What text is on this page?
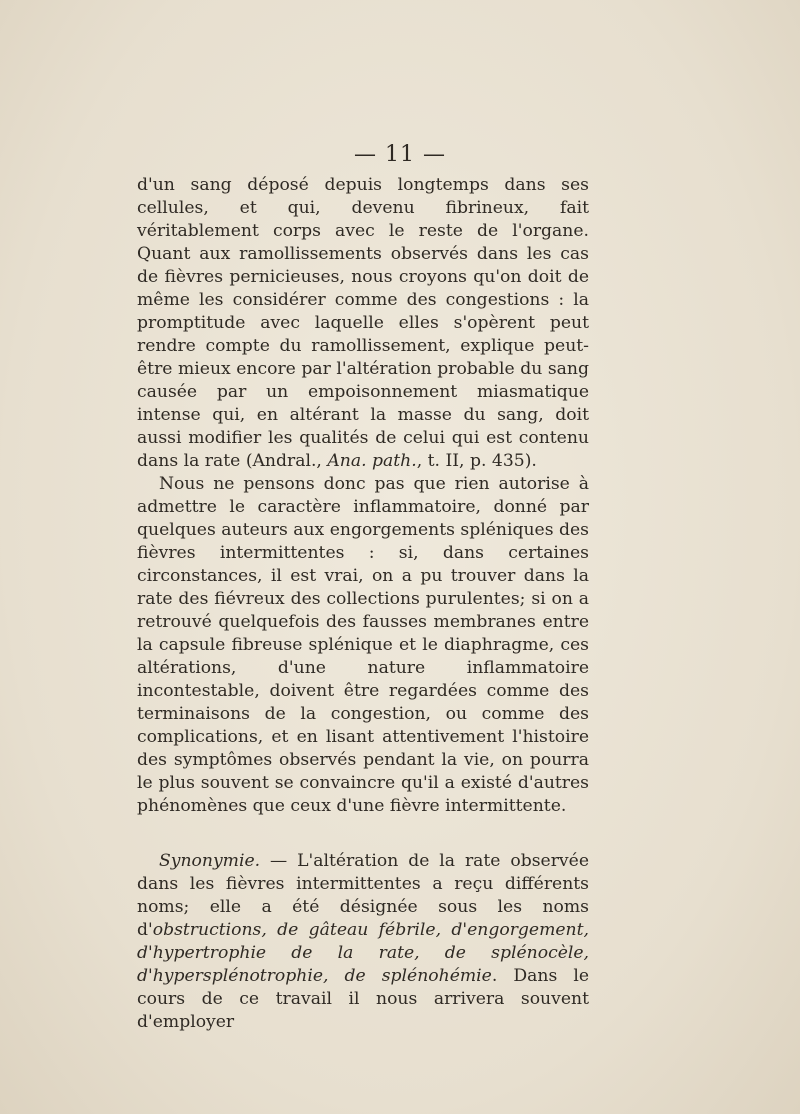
— 11 —

d'un sang déposé depuis longtemps dans ses cellules, et qui, devenu fibrineux, fait véritablement corps avec le reste de l'organe. Quant aux ramollissements observés dans les cas de fièvres pernicieuses, nous croyons qu'on doit de même les considérer comme des congestions : la promptitude avec laquelle elles s'opèrent peut rendre compte du ramollissement, explique peut-être mieux encore par l'altération probable du sang causée par un empoisonnement miasmatique intense qui, en altérant la masse du sang, doit aussi modifier les qualités de celui qui est contenu dans la rate (Andral., Ana. path., t. II, p. 435).

Nous ne pensons donc pas que rien autorise à admettre le caractère inflammatoire, donné par quelques auteurs aux engorgements spléniques des fièvres intermittentes : si, dans certaines circonstances, il est vrai, on a pu trouver dans la rate des fiévreux des collections purulentes; si on a retrouvé quelquefois des fausses membranes entre la capsule fibreuse splénique et le diaphragme, ces altérations, d'une nature inflammatoire incontestable, doivent être regardées comme des terminaisons de la congestion, ou comme des complications, et en lisant attentivement l'histoire des symptômes observés pendant la vie, on pourra le plus souvent se convaincre qu'il a existé d'autres phénomènes que ceux d'une fièvre intermittente.

Synonymie. — L'altération de la rate observée dans les fièvres intermittentes a reçu différents noms; elle a été désignée sous les noms d'obstructions, de gâteau fébrile, d'engorgement, d'hypertrophie de la rate, de splénocèle, d'hypersplénotrophie, de splénohémie. Dans le cours de ce travail il nous arrivera souvent d'employer
